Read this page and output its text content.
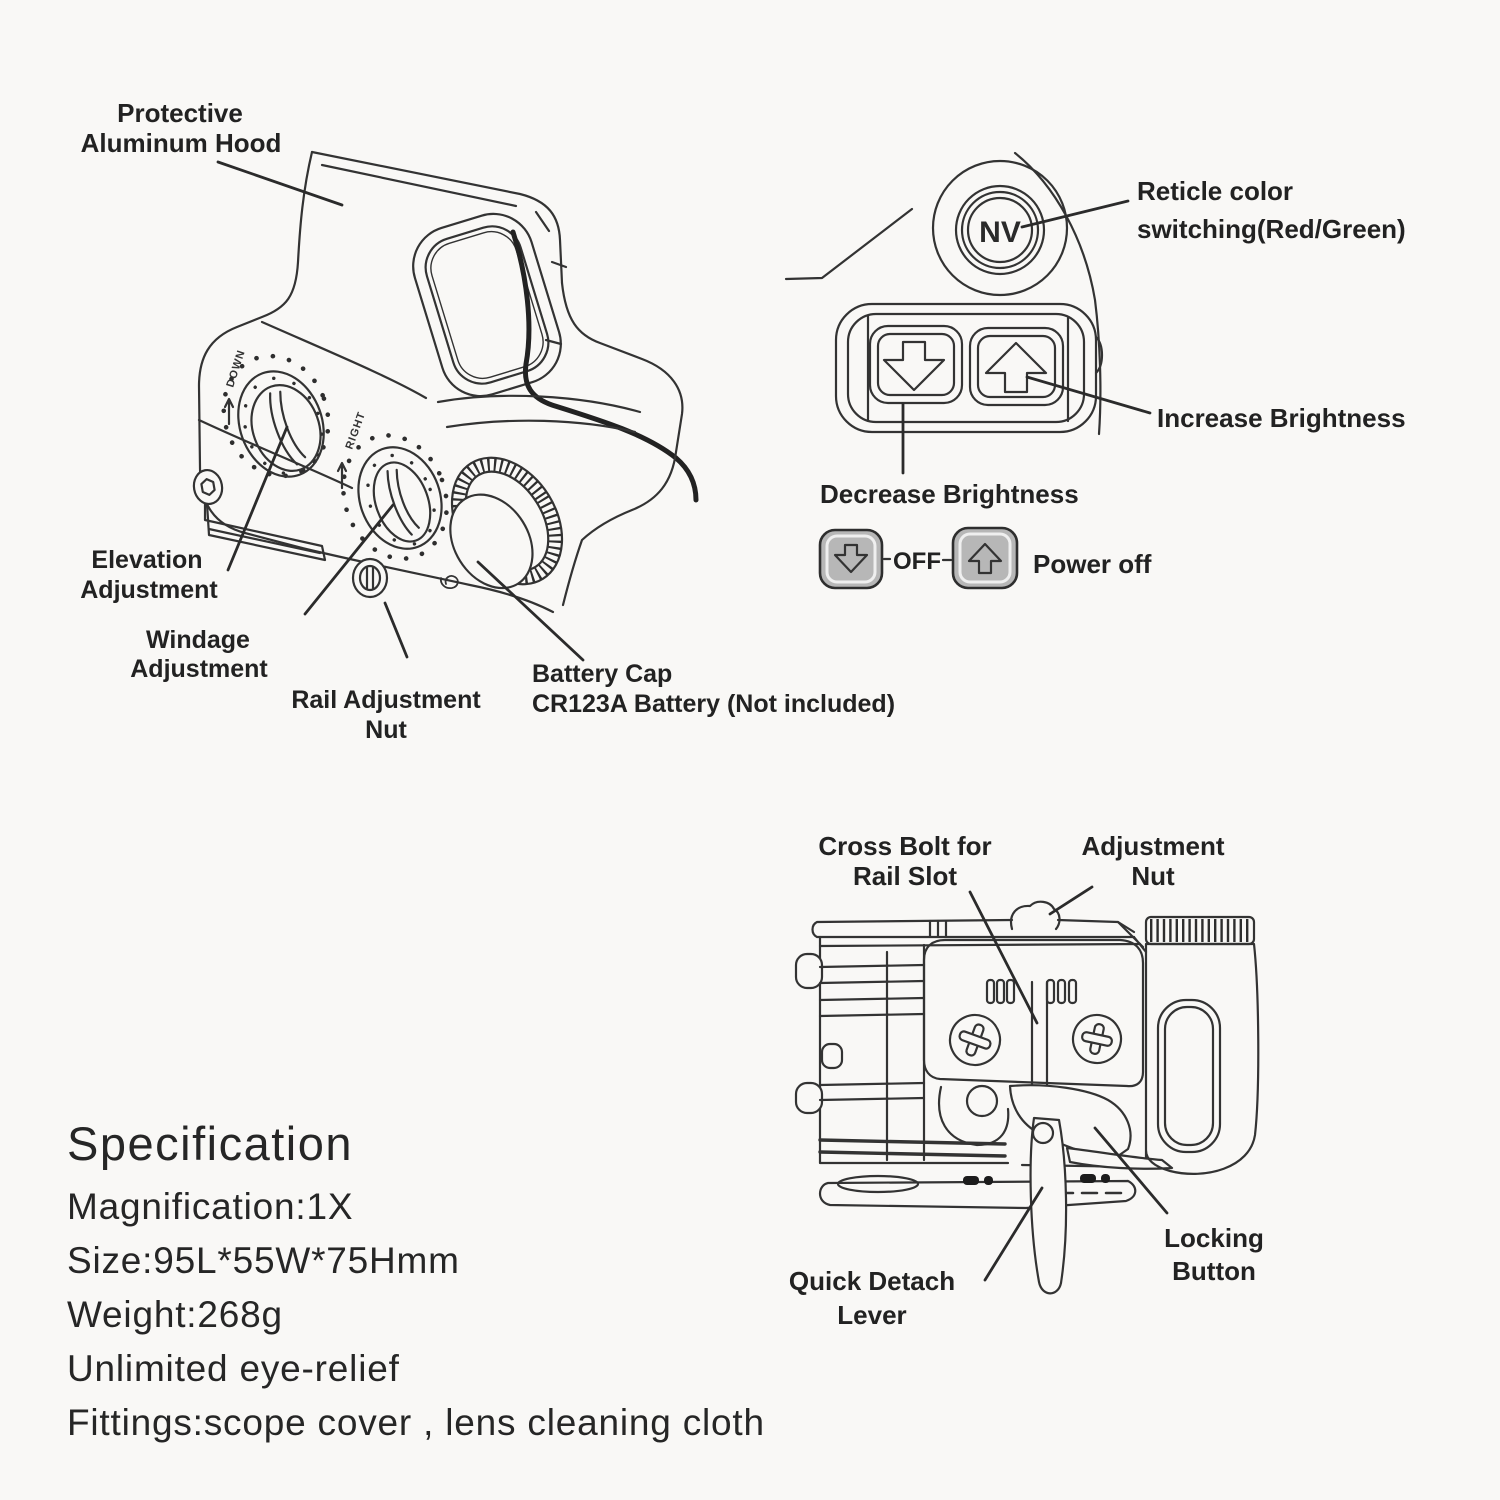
DOWN
RIGHT
Protective
Aluminum Hood
Elevation
Adjustment
Windage
Adjustment
Rail Adjustment
Nut
Battery Cap
CR123A Battery (Not included)
NV
Reticle color
switching(Red/Green)
Increase Brightness
Decrease Brightness
OFF	Power off
Cross Bolt for
Rail Slot
Adjustment
Nut
Locking
Button
Quick Detach
Lever
Specification
Magnification:1X
Size:95L*55W*75Hmm
Weight:268g
Unlimited eye-relief
Fittings:scope cover , lens cleaning cloth
